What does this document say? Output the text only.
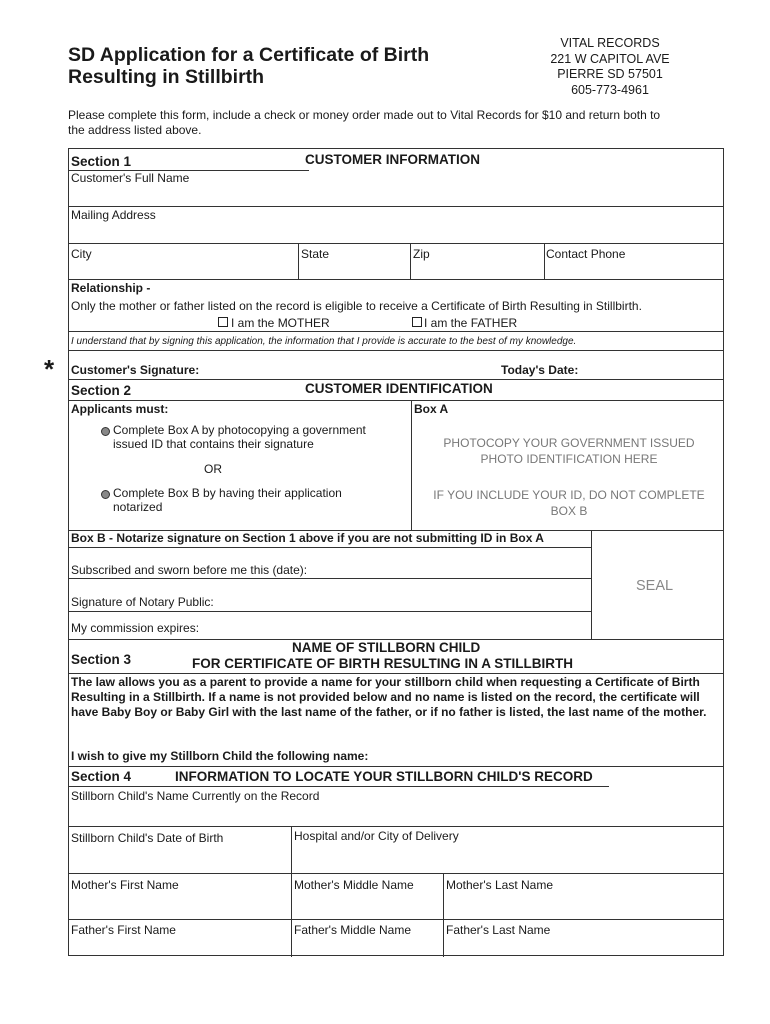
SD Application for a Certificate of Birth
Resulting in Stillbirth
VITAL RECORDS
221 W CAPITOL AVE
PIERRE SD 57501
605-773-4961
Please complete this form, include a check or money order made out to Vital Records for $10 and return both to the address listed above.
*
Section 1	CUSTOMER INFORMATION
Customer's Full Name
Mailing Address
City	State	Zip	Contact Phone
Relationship -
Only the mother or father listed on the record is eligible to receive a Certificate of Birth Resulting in Stillbirth.
I am the MOTHER	I am the FATHER
I understand that by signing this application, the information that I provide is accurate to the best of my knowledge.
Customer's Signature:	Today's Date:
Section 2	CUSTOMER IDENTIFICATION
Applicants must:
Complete Box A by photocopying a government issued ID that contains their signature
OR
Complete Box B by having their application notarized
Box A
PHOTOCOPY YOUR GOVERNMENT ISSUED PHOTO IDENTIFICATION HERE
IF YOU INCLUDE YOUR ID, DO NOT COMPLETE BOX B
Box B - Notarize signature on Section 1 above if you are not submitting ID in Box A
Subscribed and sworn before me this (date):
Signature of Notary Public:
My commission expires:
SEAL
NAME OF STILLBORN CHILD
Section 3	FOR CERTIFICATE OF BIRTH RESULTING IN A STILLBIRTH
The law allows you as a parent to provide a name for your stillborn child when requesting a Certificate of Birth Resulting in a Stillbirth. If a name is not provided below and no name is listed on the record, the certificate will have Baby Boy or Baby Girl with the last name of the father, or if no father is listed, the last name of the mother.
I wish to give my Stillborn Child the following name:
Section 4	INFORMATION TO LOCATE YOUR STILLBORN CHILD'S RECORD
Stillborn Child's Name Currently on the Record
Stillborn Child's Date of Birth	Hospital and/or City of Delivery
Mother's First Name	Mother's Middle Name	Mother's Last Name
Father's First Name	Father's Middle Name	Father's Last Name
